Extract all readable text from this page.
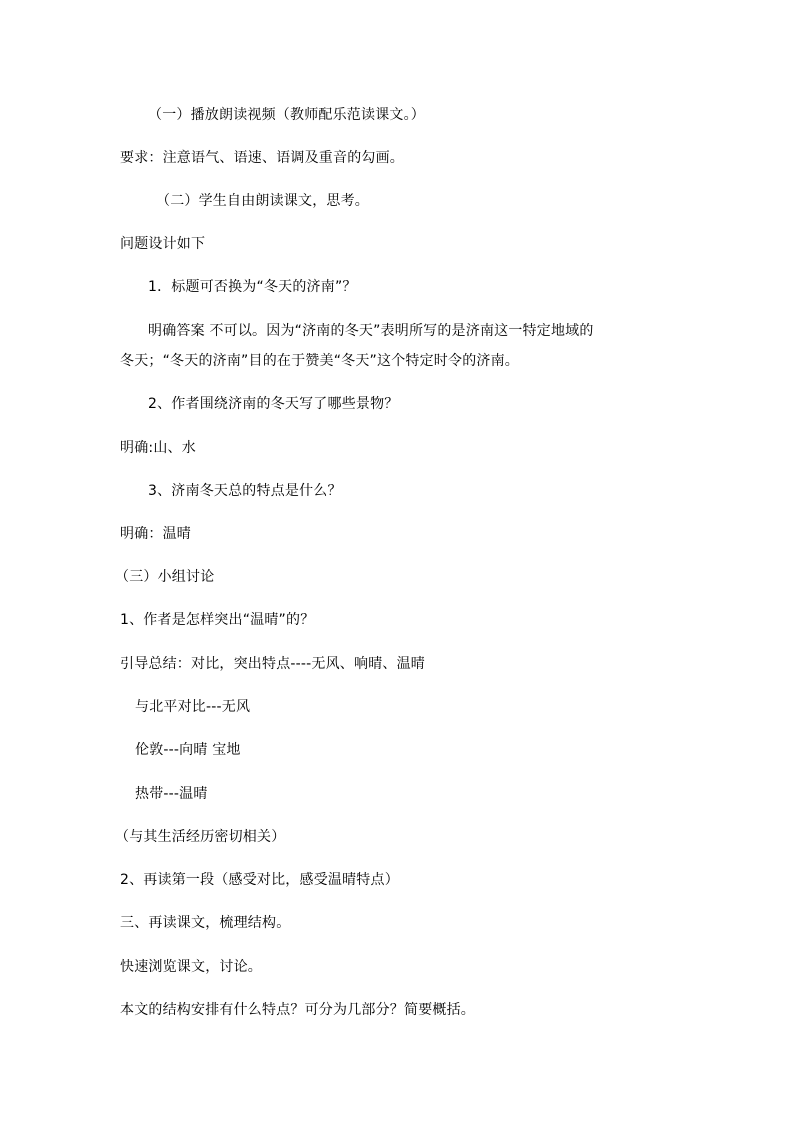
（一）播放朗读视频（教师配乐范读课文。）
要求：注意语气、语速、语调及重音的勾画。
（二）学生自由朗读课文，思考。
问题设计如下
1．标题可否换为“冬天的济南”？
明确答案 不可以。因为“济南的冬天”表明所写的是济南这一特定地域的
冬天；“冬天的济南”目的在于赞美“冬天”这个特定时令的济南。
2、作者围绕济南的冬天写了哪些景物？
明确:山、水
3、济南冬天总的特点是什么？
明确：温晴
（三）小组讨论
1、作者是怎样突出“温晴”的？
引导总结：对比，突出特点----无风、响晴、温晴
与北平对比---无风
伦敦---向晴 宝地
热带---温晴
（与其生活经历密切相关）
2、再读第一段（感受对比，感受温晴特点）
三、再读课文，梳理结构。
快速浏览课文，讨论。
本文的结构安排有什么特点？可分为几部分？简要概括。
